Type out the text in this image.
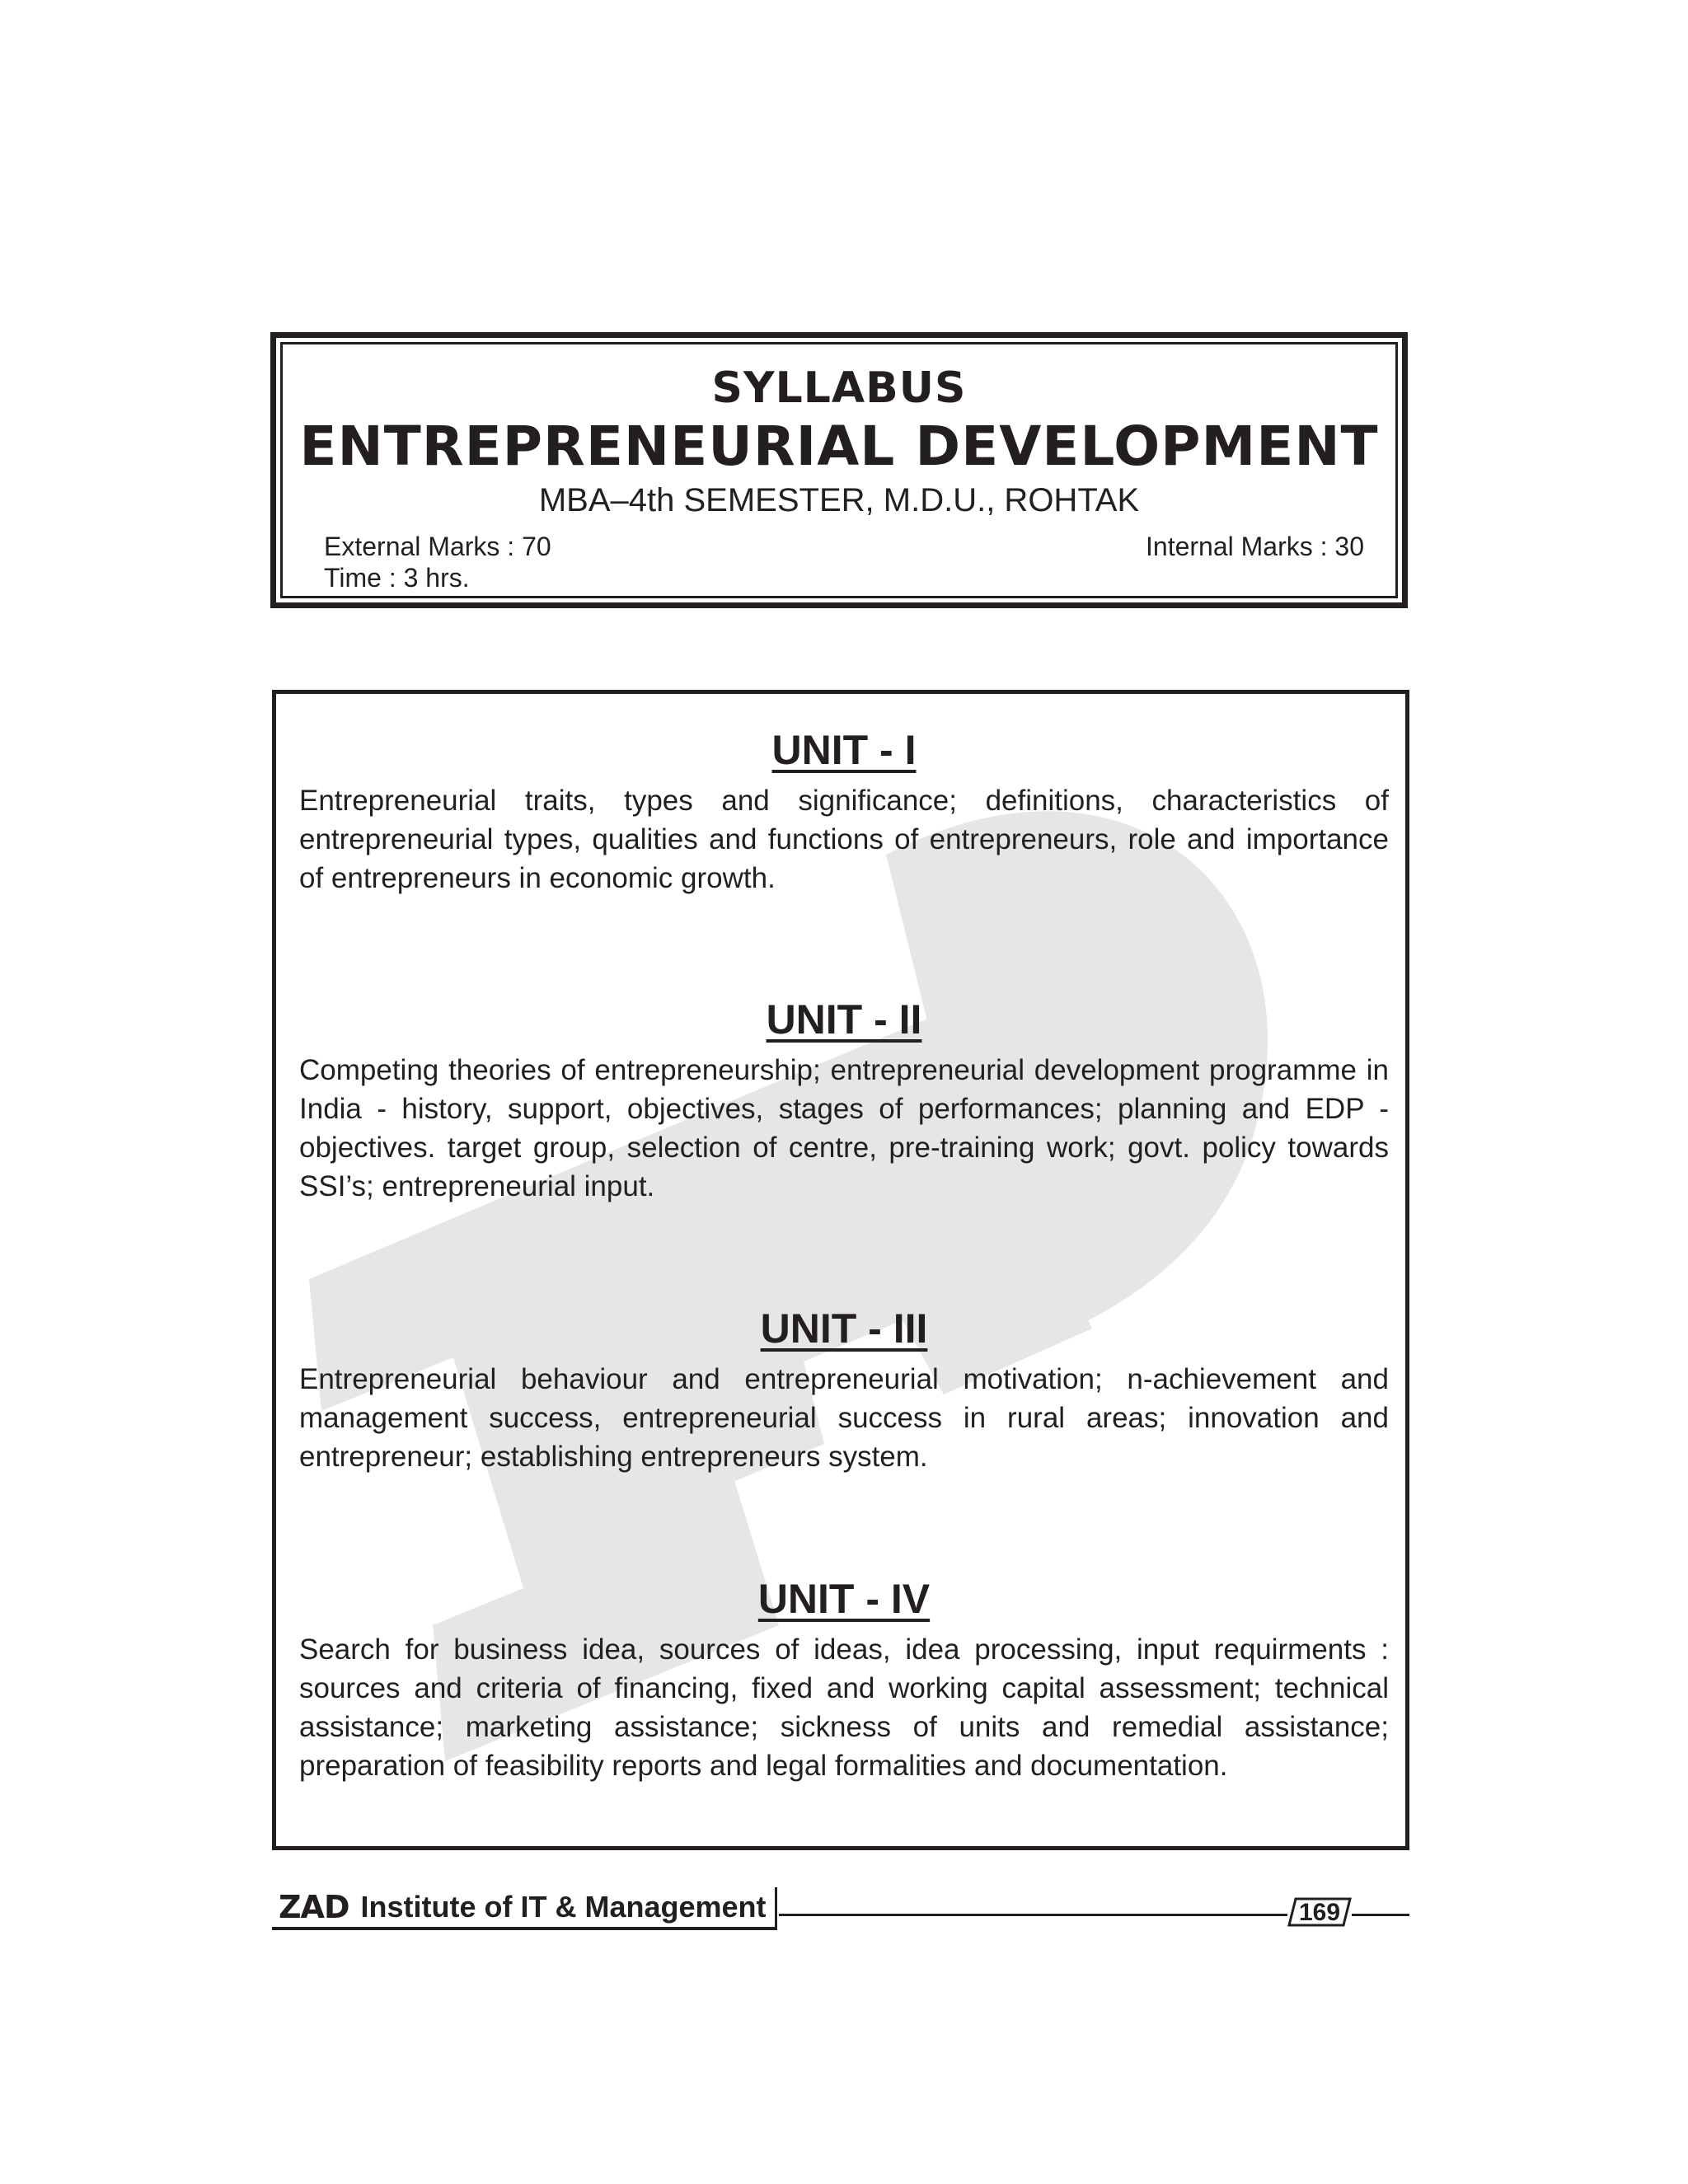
SYLLABUS
ENTREPRENEURIAL DEVELOPMENT
MBA–4th SEMESTER, M.D.U., ROHTAK
External Marks : 70	Internal Marks : 30
Time : 3 hrs.
UNIT - I

Entrepreneurial traits, types and significance; definitions, characteristics of entrepreneurial types, qualities and functions of entrepreneurs, role and importance of entrepreneurs in economic growth.

UNIT - II

Competing theories of entrepreneurship; entrepreneurial development programme in India - history, support, objectives, stages of performances; planning and EDP - objectives. target group, selection of centre, pre-training work; govt. policy towards SSI’s; entrepreneurial input.

UNIT - III

Entrepreneurial behaviour and entrepreneurial motivation; n-achievement and management success, entrepreneurial success in rural areas; innovation and entrepreneur; establishing entrepreneurs system.

UNIT - IV

Search for business idea, sources of ideas, idea processing, input requirments : sources and criteria of financing, fixed and working capital assessment; technical assistance; marketing assistance; sickness of units and remedial assistance; preparation of feasibility reports and legal formalities and documentation.

ZAD Institute of IT & Management	169
